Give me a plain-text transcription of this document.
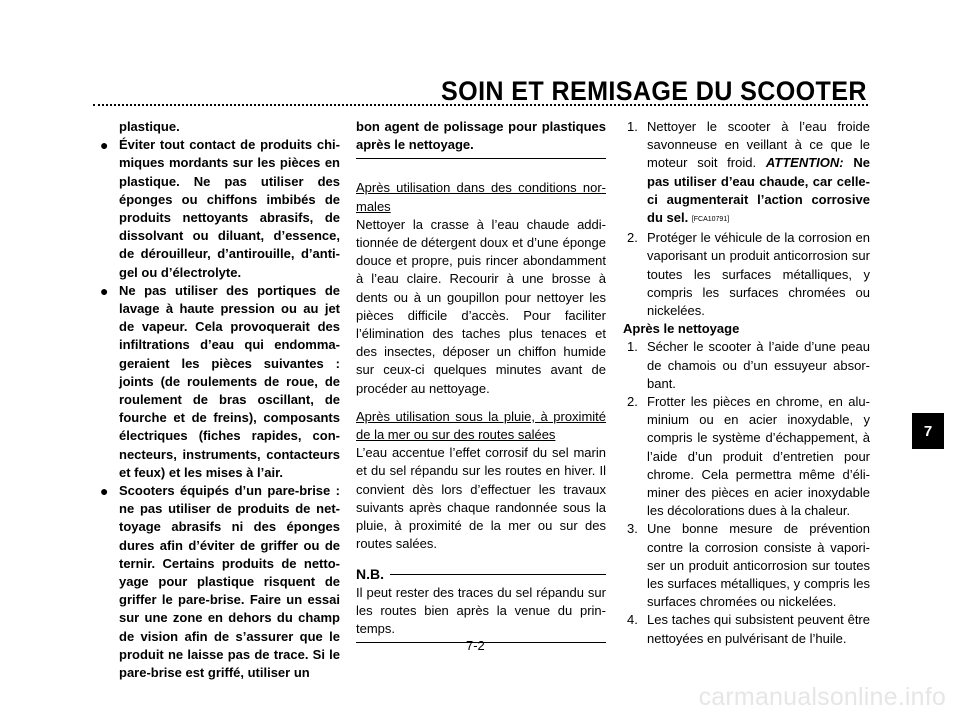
SOIN ET REMISAGE DU SCOOTER
plastique.
● Éviter tout contact de produits chimiques mordants sur les pièces en plastique. Ne pas utiliser des éponges ou chiffons imbibés de produits nettoyants abrasifs, de dissolvant ou diluant, d’essence, de dérouilleur, d’antirouille, d’antigel ou d’électrolyte.
● Ne pas utiliser des portiques de lavage à haute pression ou au jet de vapeur. Cela provoquerait des infiltrations d’eau qui endommageraient les pièces suivantes : joints (de roulements de roue, de roulement de bras oscillant, de fourche et de freins), composants électriques (fiches rapides, connecteurs, instruments, contacteurs et feux) et les mises à l’air.
● Scooters équipés d’un pare-brise : ne pas utiliser de produits de nettoyage abrasifs ni des éponges dures afin d’éviter de griffer ou de ternir. Certains produits de nettoyage pour plastique risquent de griffer le pare-brise. Faire un essai sur une zone en dehors du champ de vision afin de s’assurer que le produit ne laisse pas de trace. Si le pare-brise est griffé, utiliser un
bon agent de polissage pour plastiques après le nettoyage.
Après utilisation dans des conditions normales
Nettoyer la crasse à l’eau chaude additionnée de détergent doux et d’une éponge douce et propre, puis rincer abondamment à l’eau claire. Recourir à une brosse à dents ou à un goupillon pour nettoyer les pièces difficile d’accès. Pour faciliter l’élimination des taches plus tenaces et des insectes, déposer un chiffon humide sur ceux-ci quelques minutes avant de procéder au nettoyage.
Après utilisation sous la pluie, à proximité de la mer ou sur des routes salées
L’eau accentue l’effet corrosif du sel marin et du sel répandu sur les routes en hiver. Il convient dès lors d’effectuer les travaux suivants après chaque randonnée sous la pluie, à proximité de la mer ou sur des routes salées.
N.B.
Il peut rester des traces du sel répandu sur les routes bien après la venue du printemps.
1. Nettoyer le scooter à l’eau froide savonneuse en veillant à ce que le moteur soit froid. ATTENTION: Ne pas utiliser d’eau chaude, car celle-ci augmenterait l’action corrosive du sel. [FCA10791]
2. Protéger le véhicule de la corrosion en vaporisant un produit anticorrosion sur toutes les surfaces métalliques, y compris les surfaces chromées ou nickelées.
Après le nettoyage
1. Sécher le scooter à l’aide d’une peau de chamois ou d’un essuyeur absorbant.
2. Frotter les pièces en chrome, en aluminium ou en acier inoxydable, y compris le système d’échappement, à l’aide d’un produit d’entretien pour chrome. Cela permettra même d’éliminer des pièces en acier inoxydable les décolorations dues à la chaleur.
3. Une bonne mesure de prévention contre la corrosion consiste à vaporiser un produit anticorrosion sur toutes les surfaces métalliques, y compris les surfaces chromées ou nickelées.
4. Les taches qui subsistent peuvent être nettoyées en pulvérisant de l’huile.
7-2
7
carmanualsonline.info
